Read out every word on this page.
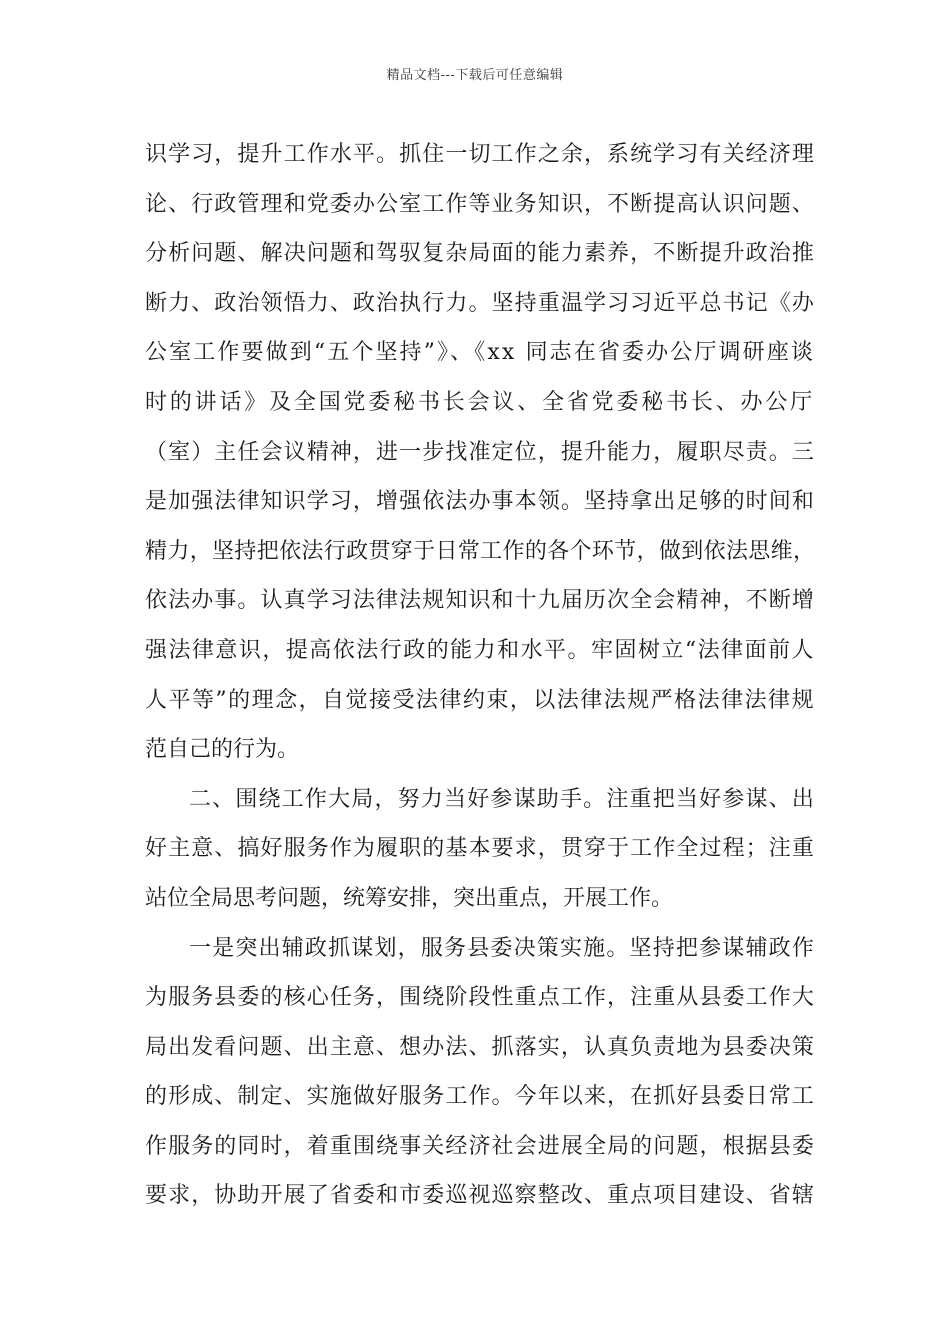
精品文档---下载后可任意编辑
识学习，提升工作水平。抓住一切工作之余，系统学习有关经济理
论、行政管理和党委办公室工作等业务知识，不断提高认识问题、
分析问题、解决问题和驾驭复杂局面的能力素养，不断提升政治推
断力、政治领悟力、政治执行力。坚持重温学习习近平总书记《办
公室工作要做到“五个坚持”》、《xx 同志在省委办公厅调研座谈
时的讲话》及全国党委秘书长会议、全省党委秘书长、办公厅
（室）主任会议精神，进一步找准定位，提升能力，履职尽责。三
是加强法律知识学习，增强依法办事本领。坚持拿出足够的时间和
精力，坚持把依法行政贯穿于日常工作的各个环节，做到依法思维，
依法办事。认真学习法律法规知识和十九届历次全会精神，不断增
强法律意识，提高依法行政的能力和水平。牢固树立“法律面前人
人平等”的理念，自觉接受法律约束，以法律法规严格法律法律规
范自己的行为。
二、围绕工作大局，努力当好参谋助手。注重把当好参谋、出
好主意、搞好服务作为履职的基本要求，贯穿于工作全过程；注重
站位全局思考问题，统筹安排，突出重点，开展工作。
一是突出辅政抓谋划，服务县委决策实施。坚持把参谋辅政作
为服务县委的核心任务，围绕阶段性重点工作，注重从县委工作大
局出发看问题、出主意、想办法、抓落实，认真负责地为县委决策
的形成、制定、实施做好服务工作。今年以来，在抓好县委日常工
作服务的同时，着重围绕事关经济社会进展全局的问题，根据县委
要求，协助开展了省委和市委巡视巡察整改、重点项目建设、省辖
